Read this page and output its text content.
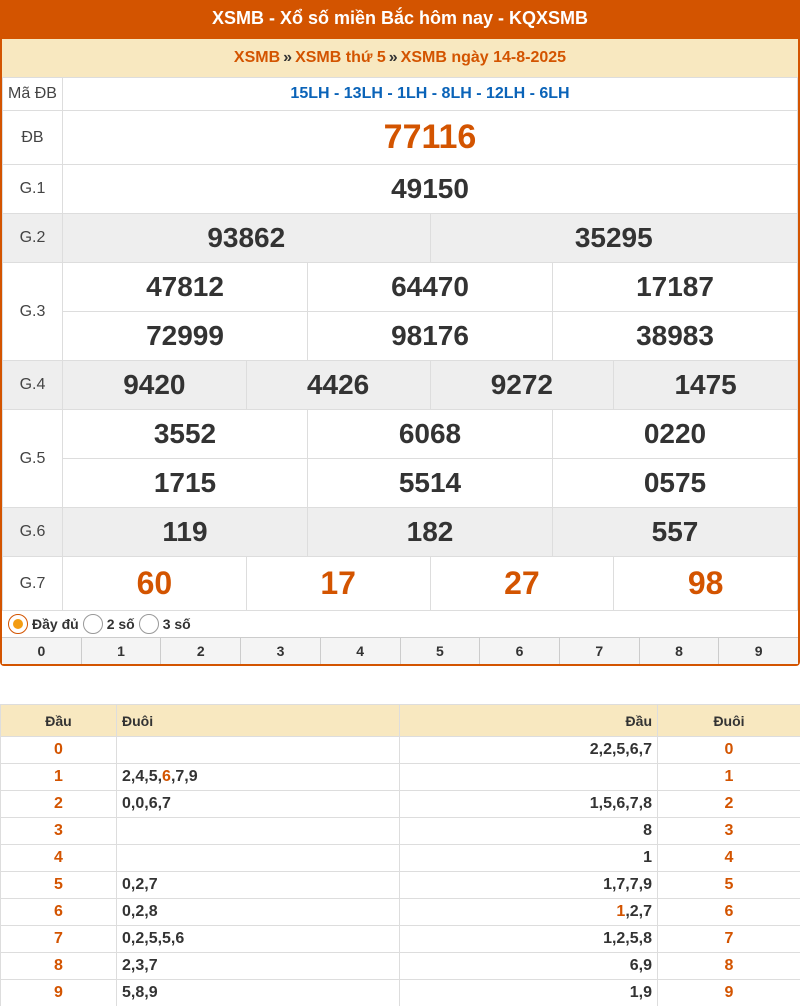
XSMB - Xổ số miền Bắc hôm nay - KQXSMB
XSMB » XSMB thứ 5 » XSMB ngày 14-8-2025
Mã ĐB	15LH - 13LH - 1LH - 8LH - 12LH - 6LH					
ĐB	77116					
G.1	49150					
G.2	93862			35295		
G.3	47812		64470		17187	
	72999		98176		38983	
G.4	9420	4426		9272		1475
G.5	3552		6068		0220	
	1715		5514		0575	
G.6	119		182		557	
G.7	60	17		27		98
Đầy đủ 2 số 3 số
0	1	2	3	4	5	6	7	8	9
Đầu	Đuôi	Đầu	Đuôi
0		2,2,5,6,7	0
1	2,4,5,6,7,9		1
2	0,0,6,7	1,5,6,7,8	2
3		8	3
4		1	4
5	0,2,7	1,7,7,9	5
6	0,2,8	1,2,7	6
7	0,2,5,5,6	1,2,5,8	7
8	2,3,7	6,9	8
9	5,8,9	1,9	9
